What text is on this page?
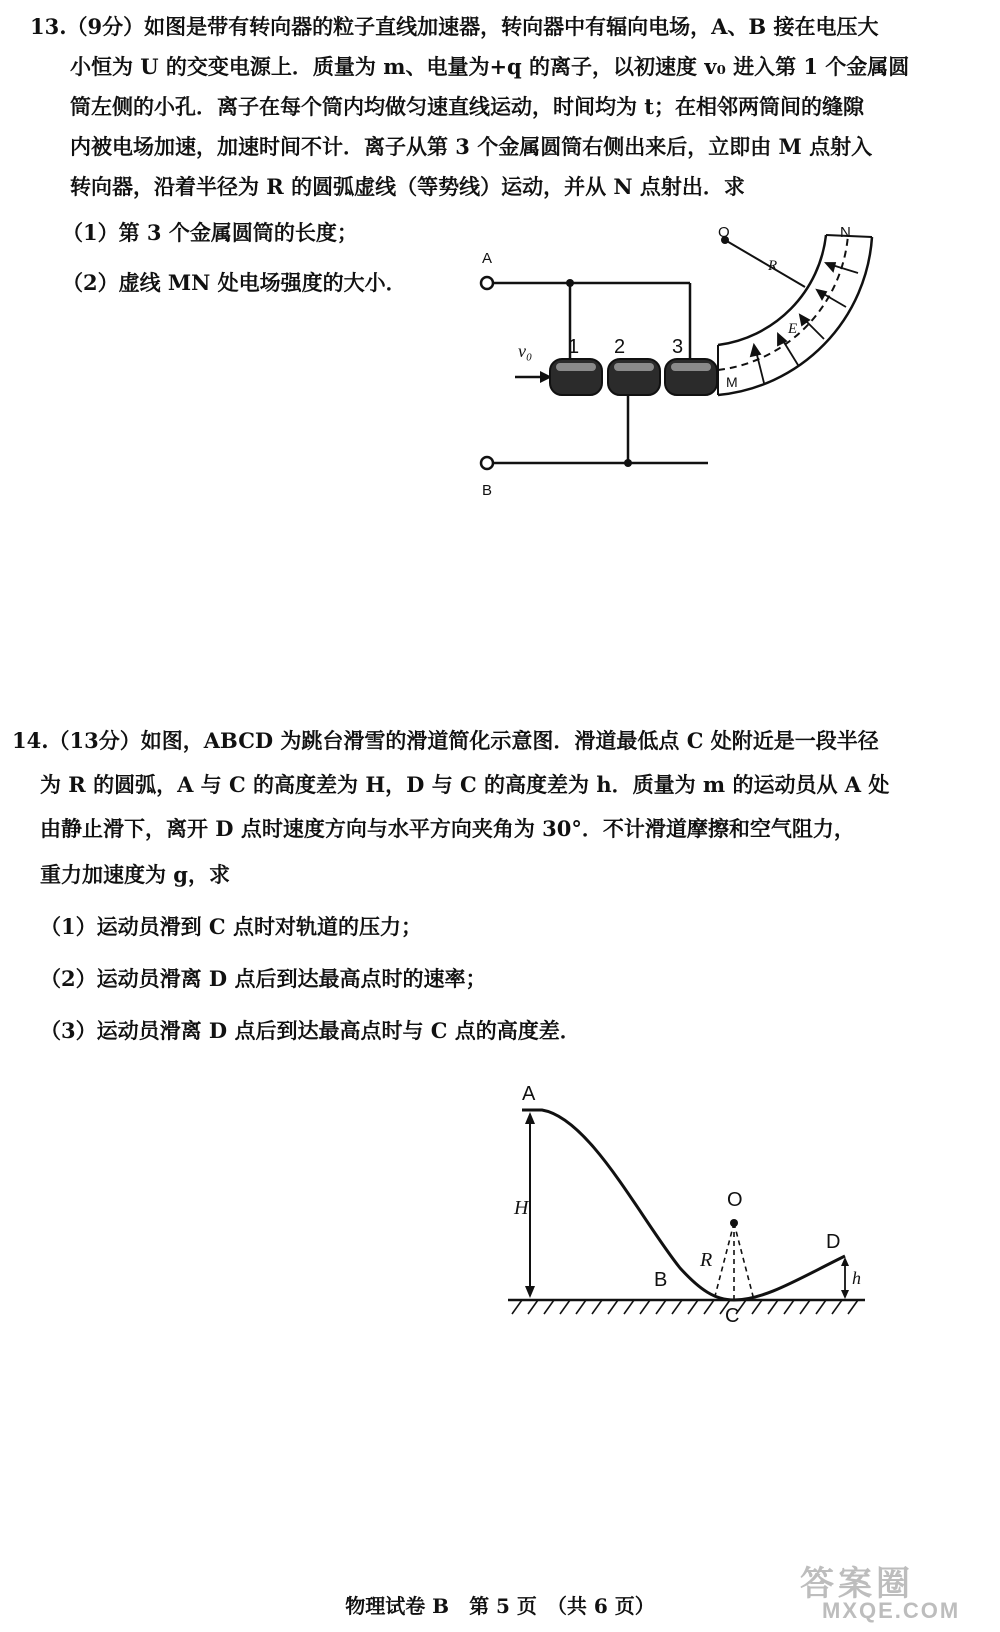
13.（9分）如图是带有转向器的粒子直线加速器，转向器中有辐向电场，A、B 接在电压大
小恒为 U 的交变电源上．质量为 m、电量为+q 的离子，以初速度 v₀ 进入第 1 个金属圆
筒左侧的小孔．离子在每个筒内均做匀速直线运动，时间均为 t；在相邻两筒间的缝隙
内被电场加速，加速时间不计．离子从第 3 个金属圆筒右侧出来后，立即由 M 点射入
转向器，沿着半径为 R 的圆弧虚线（等势线）运动，并从 N 点射出．求
（1）第 3 个金属圆筒的长度；
（2）虚线 MN 处电场强度的大小．
A
B
O	N
M
R
E
v₀ 1 2 3
14.（13分）如图，ABCD 为跳台滑雪的滑道简化示意图．滑道最低点 C 处附近是一段半径
为 R 的圆弧，A 与 C 的高度差为 H，D 与 C 的高度差为 h．质量为 m 的运动员从 A 处
由静止滑下，离开 D 点时速度方向与水平方向夹角为 30°．不计滑道摩擦和空气阻力，
重力加速度为 g，求
（1）运动员滑到 C 点时对轨道的压力；
（2）运动员滑离 D 点后到达最高点时的速率；
（3）运动员滑离 D 点后到达最高点时与 C 点的高度差．
A
H
B
C
O
R
D
h
物理试卷 B　第 5 页　（共 6 页）
答案圈
MXQE.COM
